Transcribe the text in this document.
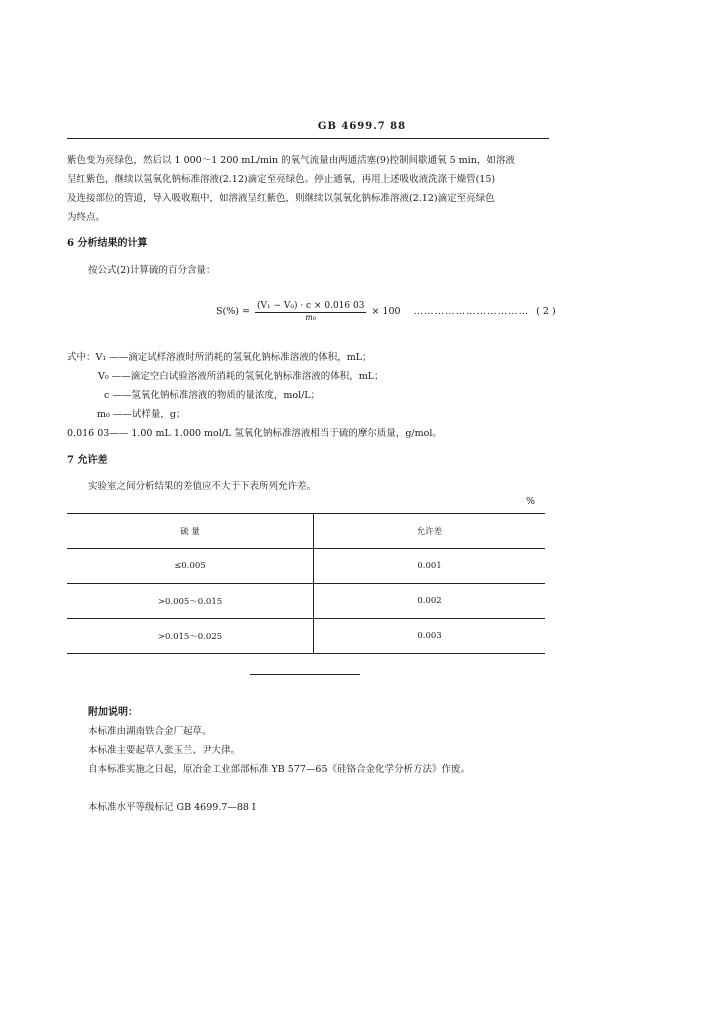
GB 4699.7 88
紫色变为亮绿色，然后以 1 000～1 200 mL/min 的氧气流量由两通活塞(9)控制间歇通氧 5 min，如溶液
呈红紫色，继续以氢氧化钠标准溶液(2.12)滴定至亮绿色。停止通氧，再用上述吸收液洗涤干燥管(15)
及连接部位的管道，导入吸收瓶中，如溶液呈红紫色，则继续以氢氧化钠标准溶液(2.12)滴定至亮绿色
为终点。
6 分析结果的计算
按公式(2)计算硫的百分含量：
$S(\%) = \frac{\text{(V₁ − V₀) · c × 0.016 03}}{\text{m₀}} \times 100$ …………………………… ( 2 )
式中：V₁ ——滴定试样溶液时所消耗的氢氧化钠标准溶液的体积，mL；
V₀ ——滴定空白试验溶液所消耗的氢氧化钠标准溶液的体积，mL；
c ——氢氧化钠标准溶液的物质的量浓度，mol/L；
m₀ ——试样量，g；
0.016 03—— 1.00 mL 1.000 mol/L 氢氧化钠标准溶液相当于硫的摩尔质量，g/mol。
7 允许差
实验室之间分析结果的差值应不大于下表所列允许差。
%
硫 量	允许差
≤0.005	0.001
>0.005～0.015	0.002
>0.015～0.025	0.003
附加说明：
本标准由湖南铁合金厂起草。
本标准主要起草人张玉兰、尹大律。
自本标准实施之日起，原冶金工业部部标准 YB 577—65《硅铬合金化学分析方法》作废。
本标准水平等级标记 GB 4699.7—88 I
